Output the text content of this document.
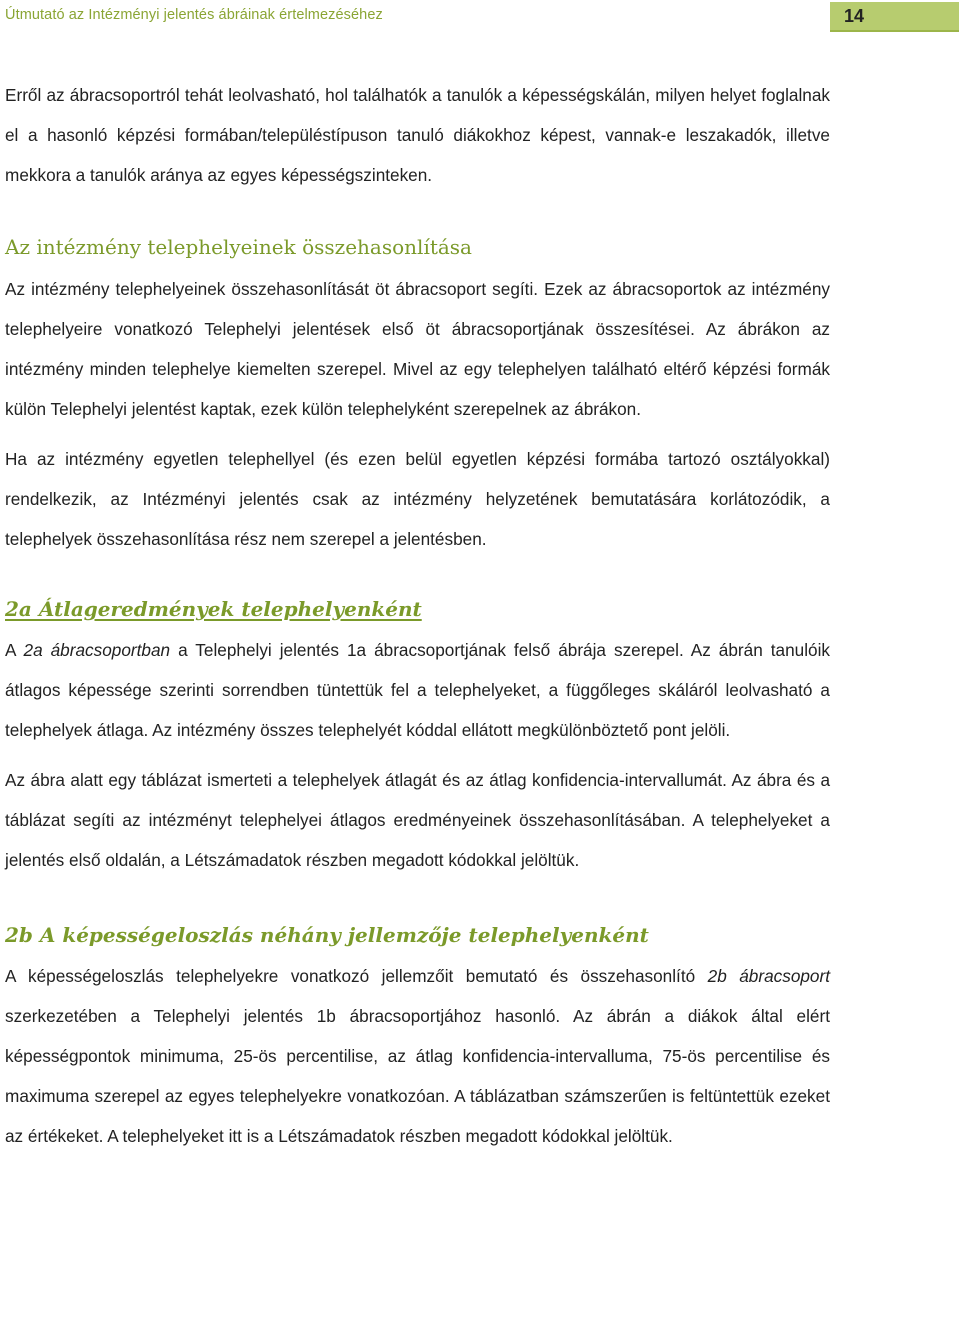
Útmutató az Intézményi jelentés ábráinak értelmezéséhez	14

Erről az ábracsoportról tehát leolvasható, hol találhatók a tanulók a képességskálán, milyen helyet foglalnak el a hasonló képzési formában/településtípuson tanuló diákokhoz képest, vannak-e leszakadók, illetve mekkora a tanulók aránya az egyes képességszinteken.

Az intézmény telephelyeinek összehasonlítása

Az intézmény telephelyeinek összehasonlítását öt ábracsoport segíti. Ezek az ábracsoportok az intézmény telephelyeire vonatkozó Telephelyi jelentések első öt ábracsoportjának összesítései. Az ábrákon az intézmény minden telephelye kiemelten szerepel. Mivel az egy telephelyen található eltérő képzési formák külön Telephelyi jelentést kaptak, ezek külön telephelyként szerepelnek az ábrákon.

Ha az intézmény egyetlen telephellyel (és ezen belül egyetlen képzési formába tartozó osztályokkal) rendelkezik, az Intézményi jelentés csak az intézmény helyzetének bemutatására korlátozódik, a telephelyek összehasonlítása rész nem szerepel a jelentésben.

2a Átlageredmények telephelyenként

A 2a ábracsoportban a Telephelyi jelentés 1a ábracsoportjának felső ábrája szerepel. Az ábrán tanulóik átlagos képessége szerinti sorrendben tüntettük fel a telephelyeket, a függőleges skáláról leolvasható a telephelyek átlaga. Az intézmény összes telephelyét kóddal ellátott megkülönböztető pont jelöli.

Az ábra alatt egy táblázat ismerteti a telephelyek átlagát és az átlag konfidencia-intervallumát. Az ábra és a táblázat segíti az intézményt telephelyei átlagos eredményeinek összehasonlításában. A telephelyeket a jelentés első oldalán, a Létszámadatok részben megadott kódokkal jelöltük.

2b A képességeloszlás néhány jellemzője telephelyenként

A képességeloszlás telephelyekre vonatkozó jellemzőit bemutató és összehasonlító 2b ábracsoport szerkezetében a Telephelyi jelentés 1b ábracsoportjához hasonló. Az ábrán a diákok által elért képességpontok minimuma, 25-ös percentilise, az átlag konfidencia-intervalluma, 75-ös percentilise és maximuma szerepel az egyes telephelyekre vonatkozóan. A táblázatban számszerűen is feltüntettük ezeket az értékeket. A telephelyeket itt is a Létszámadatok részben megadott kódokkal jelöltük.
